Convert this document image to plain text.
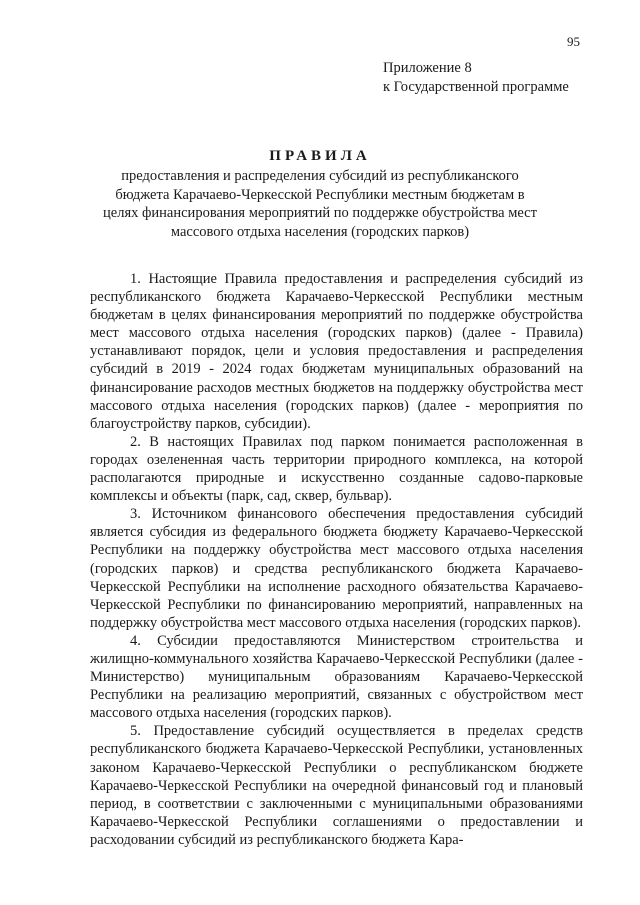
95
Приложение 8
к Государственной программе
ПРАВИЛА
предоставления и распределения субсидий из республиканского бюджета Карачаево-Черкесской Республики местным бюджетам в целях финансирования мероприятий по поддержке обустройства мест массового отдыха населения (городских парков)

1. Настоящие Правила предоставления и распределения субсидий из республиканского бюджета Карачаево-Черкесской Республики местным бюджетам в целях финансирования мероприятий по поддержке обустройства мест массового отдыха населения (городских парков) (далее - Правила) устанавливают порядок, цели и условия предоставления и распределения субсидий в 2019 - 2024 годах бюджетам муниципальных образований на финансирование расходов местных бюджетов на поддержку обустройства мест массового отдыха населения (городских парков) (далее - мероприятия по благоустройству парков, субсидии).

2. В настоящих Правилах под парком понимается расположенная в городах озелененная часть территории природного комплекса, на которой располагаются природные и искусственно созданные садово-парковые комплексы и объекты (парк, сад, сквер, бульвар).

3. Источником финансового обеспечения предоставления субсидий является субсидия из федерального бюджета бюджету Карачаево-Черкесской Республики на поддержку обустройства мест массового отдыха населения (городских парков) и средства республиканского бюджета Карачаево-Черкесской Республики на исполнение расходного обязательства Карачаево-Черкесской Республики по финансированию мероприятий, направленных на поддержку обустройства мест массового отдыха населения (городских парков).

4. Субсидии предоставляются Министерством строительства и жилищно-коммунального хозяйства Карачаево-Черкесской Республики (далее - Министерство) муниципальным образованиям Карачаево-Черкесской Республики на реализацию мероприятий, связанных с обустройством мест массового отдыха населения (городских парков).

5. Предоставление субсидий осуществляется в пределах средств республиканского бюджета Карачаево-Черкесской Республики, установленных законом Карачаево-Черкесской Республики о республиканском бюджете Карачаево-Черкесской Республики на очередной финансовый год и плановый период, в соответствии с заключенными с муниципальными образованиями Карачаево-Черкесской Республики соглашениями о предоставлении и расходовании субсидий из республиканского бюджета Кара-
